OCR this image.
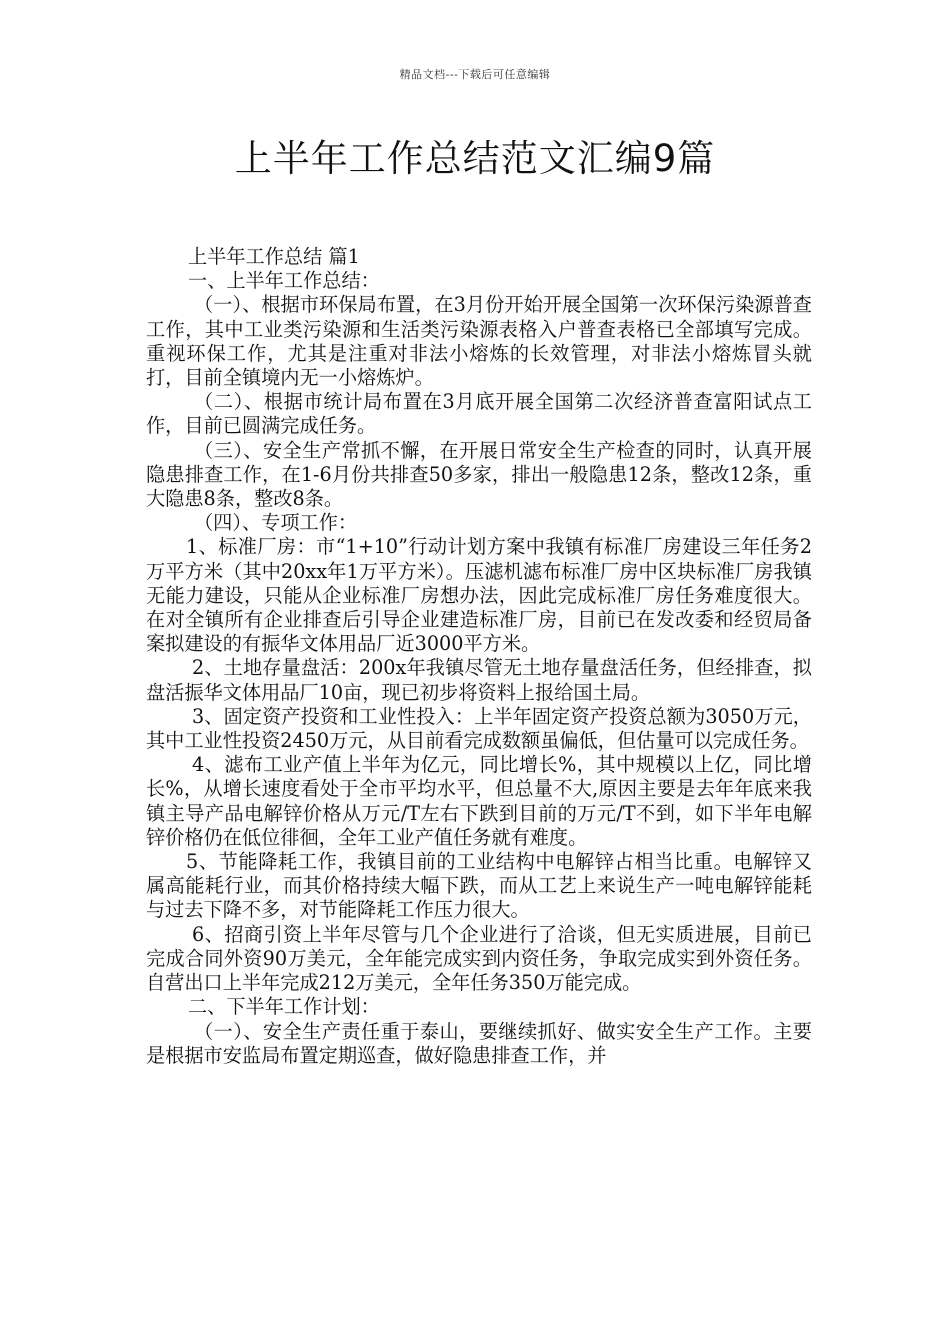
精品文档---下载后可任意编辑
上半年工作总结范文汇编9篇

上半年工作总结 篇1

一、上半年工作总结：

（一）、根据市环保局布置，在3月份开始开展全国第一次环保污染源普查工作，其中工业类污染源和生活类污染源表格入户普查表格已全部填写完成。重视环保工作，尤其是注重对非法小熔炼的长效管理，对非法小熔炼冒头就打，目前全镇境内无一小熔炼炉。

（二）、根据市统计局布置在3月底开展全国第二次经济普查富阳试点工作，目前已圆满完成任务。

（三）、安全生产常抓不懈，在开展日常安全生产检查的同时，认真开展隐患排查工作，在1-6月份共排查50多家，排出一般隐患12条，整改12条，重大隐患8条，整改8条。

（四）、专项工作：

1、标准厂房：市“1+10”行动计划方案中我镇有标准厂房建设三年任务2万平方米（其中20xx年1万平方米）。压滤机滤布标准厂房中区块标准厂房我镇无能力建设，只能从企业标准厂房想办法，因此完成标准厂房任务难度很大。在对全镇所有企业排查后引导企业建造标准厂房，目前已在发改委和经贸局备案拟建设的有振华文体用品厂近3000平方米。

2、土地存量盘活：200x年我镇尽管无土地存量盘活任务，但经排查，拟盘活振华文体用品厂10亩，现已初步将资料上报给国土局。

3、固定资产投资和工业性投入：上半年固定资产投资总额为3050万元，其中工业性投资2450万元，从目前看完成数额虽偏低，但估量可以完成任务。

4、滤布工业产值上半年为亿元，同比增长%，其中规模以上亿，同比增长%，从增长速度看处于全市平均水平，但总量不大,原因主要是去年年底来我镇主导产品电解锌价格从万元/T左右下跌到目前的万元/T不到，如下半年电解锌价格仍在低位徘徊，全年工业产值任务就有难度。

5、节能降耗工作，我镇目前的工业结构中电解锌占相当比重。电解锌又属高能耗行业，而其价格持续大幅下跌，而从工艺上来说生产一吨电解锌能耗与过去下降不多，对节能降耗工作压力很大。

6、招商引资上半年尽管与几个企业进行了洽谈，但无实质进展，目前已完成合同外资90万美元，全年能完成实到内资任务，争取完成实到外资任务。自营出口上半年完成212万美元，全年任务350万能完成。

二、下半年工作计划：

（一）、安全生产责任重于泰山，要继续抓好、做实安全生产工作。主要是根据市安监局布置定期巡查，做好隐患排查工作，并
